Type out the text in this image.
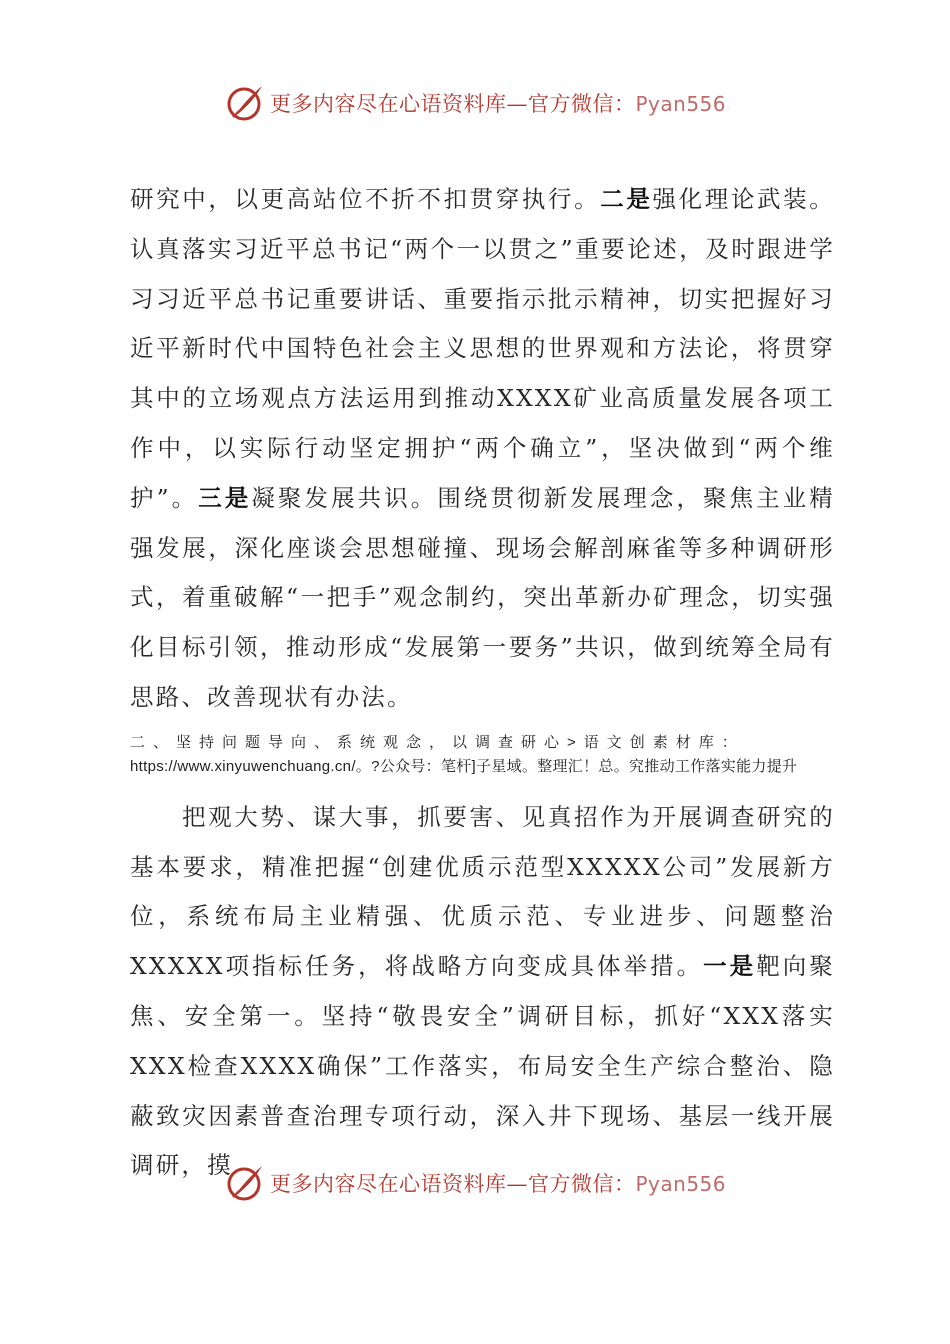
更多内容尽在心语资料库—官方微信：Pyan556

研究中，以更高站位不折不扣贯穿执行。二是强化理论武装。认真落实习近平总书记“两个一以贯之”重要论述，及时跟进学习习近平总书记重要讲话、重要指示批示精神，切实把握好习近平新时代中国特色社会主义思想的世界观和方法论，将贯穿其中的立场观点方法运用到推动XXXX矿业高质量发展各项工作中，以实际行动坚定拥护“两个确立”，坚决做到“两个维护”。三是凝聚发展共识。围绕贯彻新发展理念，聚焦主业精强发展，深化座谈会思想碰撞、现场会解剖麻雀等多种调研形式，着重破解“一把手”观念制约，突出革新办矿理念，切实强化目标引领，推动形成“发展第一要务”共识，做到统筹全局有思路、改善现状有办法。

二、坚持问题导向、系统观念，以调查研心>语文创素材库：https://www.xinyuwenchuang.cn/。?公众号：笔杆]子星域。整理汇！总。究推动工作落实能力提升

把观大势、谋大事，抓要害、见真招作为开展调查研究的基本要求，精准把握“创建优质示范型XXXXX公司”发展新方位，系统布局主业精强、优质示范、专业进步、问题整治XXXXX项指标任务，将战略方向变成具体举措。一是靶向聚焦、安全第一。坚持“敬畏安全”调研目标，抓好“XXX落实XXX检查XXXX确保”工作落实，布局安全生产综合整治、隐蔽致灾因素普查治理专项行动，深入井下现场、基层一线开展调研，摸

更多内容尽在心语资料库—官方微信：Pyan556
